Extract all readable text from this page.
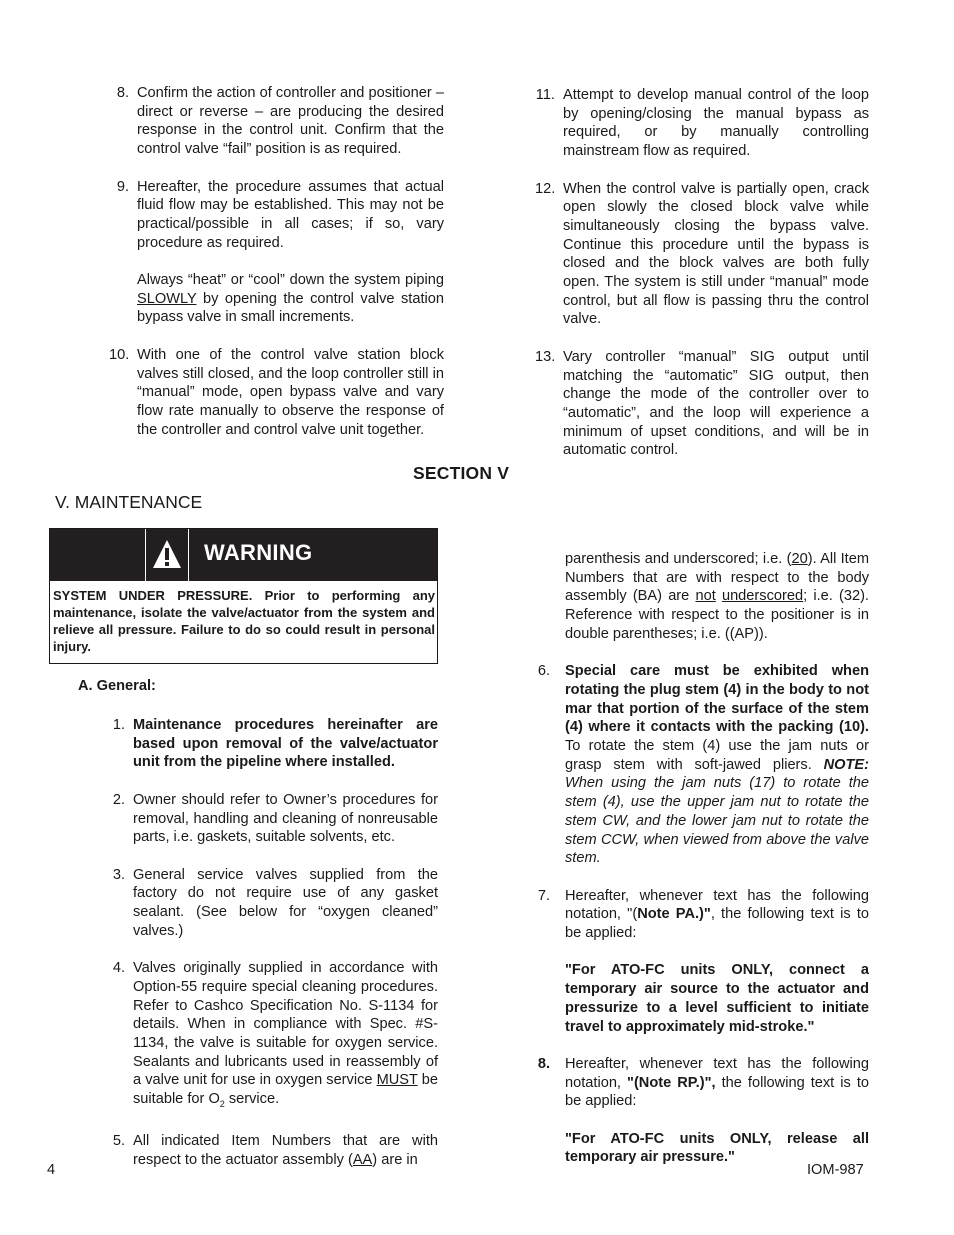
8. Confirm the action of controller and positioner – direct or reverse – are producing the desired response in the control unit. Confirm that the control valve “fail” position is as required.

9. Hereafter, the procedure assumes that actual fluid flow may be established. This may not be practical/possible in all cases; if so, vary procedure as required.

Always “heat” or “cool” down the system piping SLOWLY by opening the control valve station bypass valve in small increments.

10. With one of the control valve station block valves still closed, and the loop controller still in “manual” mode, open bypass valve and vary flow rate manually to observe the response of the controller and control valve unit together.

11. Attempt to develop manual control of the loop by opening/closing the manual bypass as required, or by manually controlling mainstream flow as required.

12. When the control valve is partially open, crack open slowly the closed block valve while simultaneously closing the bypass valve. Continue this procedure until the bypass is closed and the block valves are both fully open. The system is still under “manual” mode control, but all flow is passing thru the control valve.

13. Vary controller “manual” SIG output until matching the “automatic” SIG output, then change the mode of the controller over to “automatic”, and the loop will experience a minimum of upset conditions, and will be in automatic control.

SECTION V
V. MAINTENANCE
WARNING

SYSTEM UNDER PRESSURE. Prior to performing any maintenance, isolate the valve/actuator from the system and relieve all pressure. Failure to do so could result in personal injury.

A. General:
1. Maintenance procedures hereinafter are based upon removal of the valve/actuator unit from the pipeline where installed.

2. Owner should refer to Owner’s procedures for removal, handling and cleaning of nonreusable parts, i.e. gaskets, suitable solvents, etc.

3. General service valves supplied from the factory do not require use of any gasket sealant. (See below for “oxygen cleaned” valves.)

4. Valves originally supplied in accordance with Option-55 require special cleaning procedures. Refer to Cashco Specification No. S-1134 for details. When in compliance with Spec. #S-1134, the valve is suitable for oxygen service. Sealants and lubricants used in reassembly of a valve unit for use in oxygen service MUST be suitable for $O_2$ service.

5. All indicated Item Numbers that are with respect to the actuator assembly (AA) are in

parenthesis and underscored; i.e. (20). All Item Numbers that are with respect to the body assembly (BA) are not underscored; i.e. (32). Reference with respect to the positioner is in double parentheses; i.e. ((AP)).

6. Special care must be exhibited when rotating the plug stem (4) in the body to not mar that portion of the surface of the stem (4) where it contacts with the packing (10). To rotate the stem (4) use the jam nuts or grasp stem with soft-jawed pliers. NOTE: When using the jam nuts (17) to rotate the stem (4), use the upper jam nut to rotate the stem CW, and the lower jam nut to rotate the stem CCW, when viewed from above the valve stem.

7. Hereafter, whenever text has the following notation, "(Note PA.)", the following text is to be applied:

"For ATO-FC units ONLY, connect a temporary air source to the actuator and pressurize to a level sufficient to initiate travel to approximately mid-stroke."

8. Hereafter, whenever text has the following notation, "(Note RP.)", the following text is to be applied:

"For ATO-FC units ONLY, release all temporary air pressure."

4	IOM-987
